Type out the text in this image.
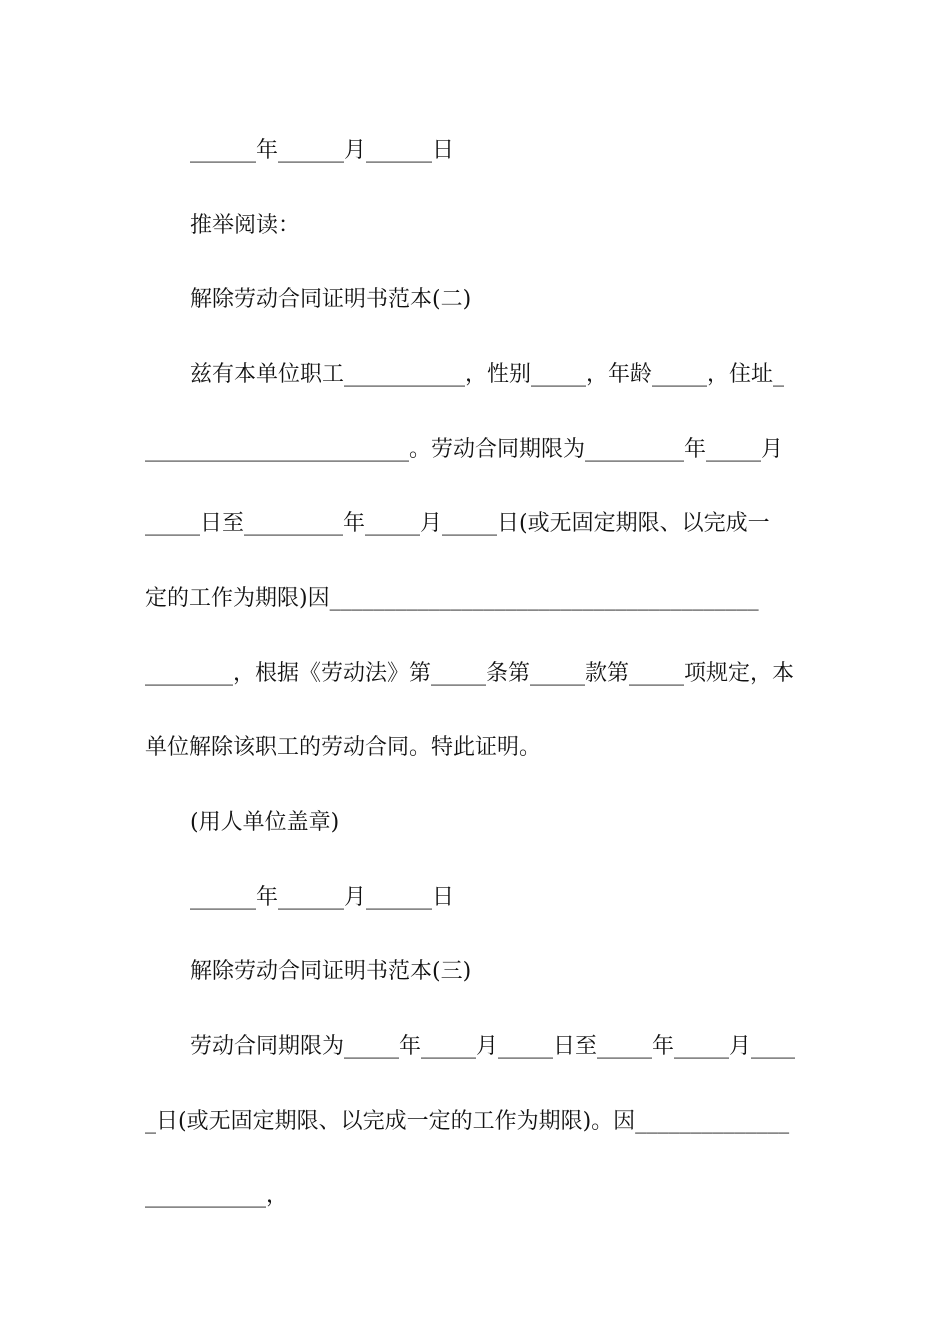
______年______月______日
推举阅读：
解除劳动合同证明书范本(二)
兹有本单位职工___________，性别_____，年龄_____，住址_
________________________。劳动合同期限为_________年_____月
_____日至_________年_____月_____日(或无固定期限、以完成一
定的工作为期限)因_______________________________________
________，根据《劳动法》第_____条第_____款第_____项规定，本
单位解除该职工的劳动合同。特此证明。
(用人单位盖章)
______年______月______日
解除劳动合同证明书范本(三)
劳动合同期限为_____年_____月_____日至_____年_____月____
_日(或无固定期限、以完成一定的工作为期限)。因______________
___________，
